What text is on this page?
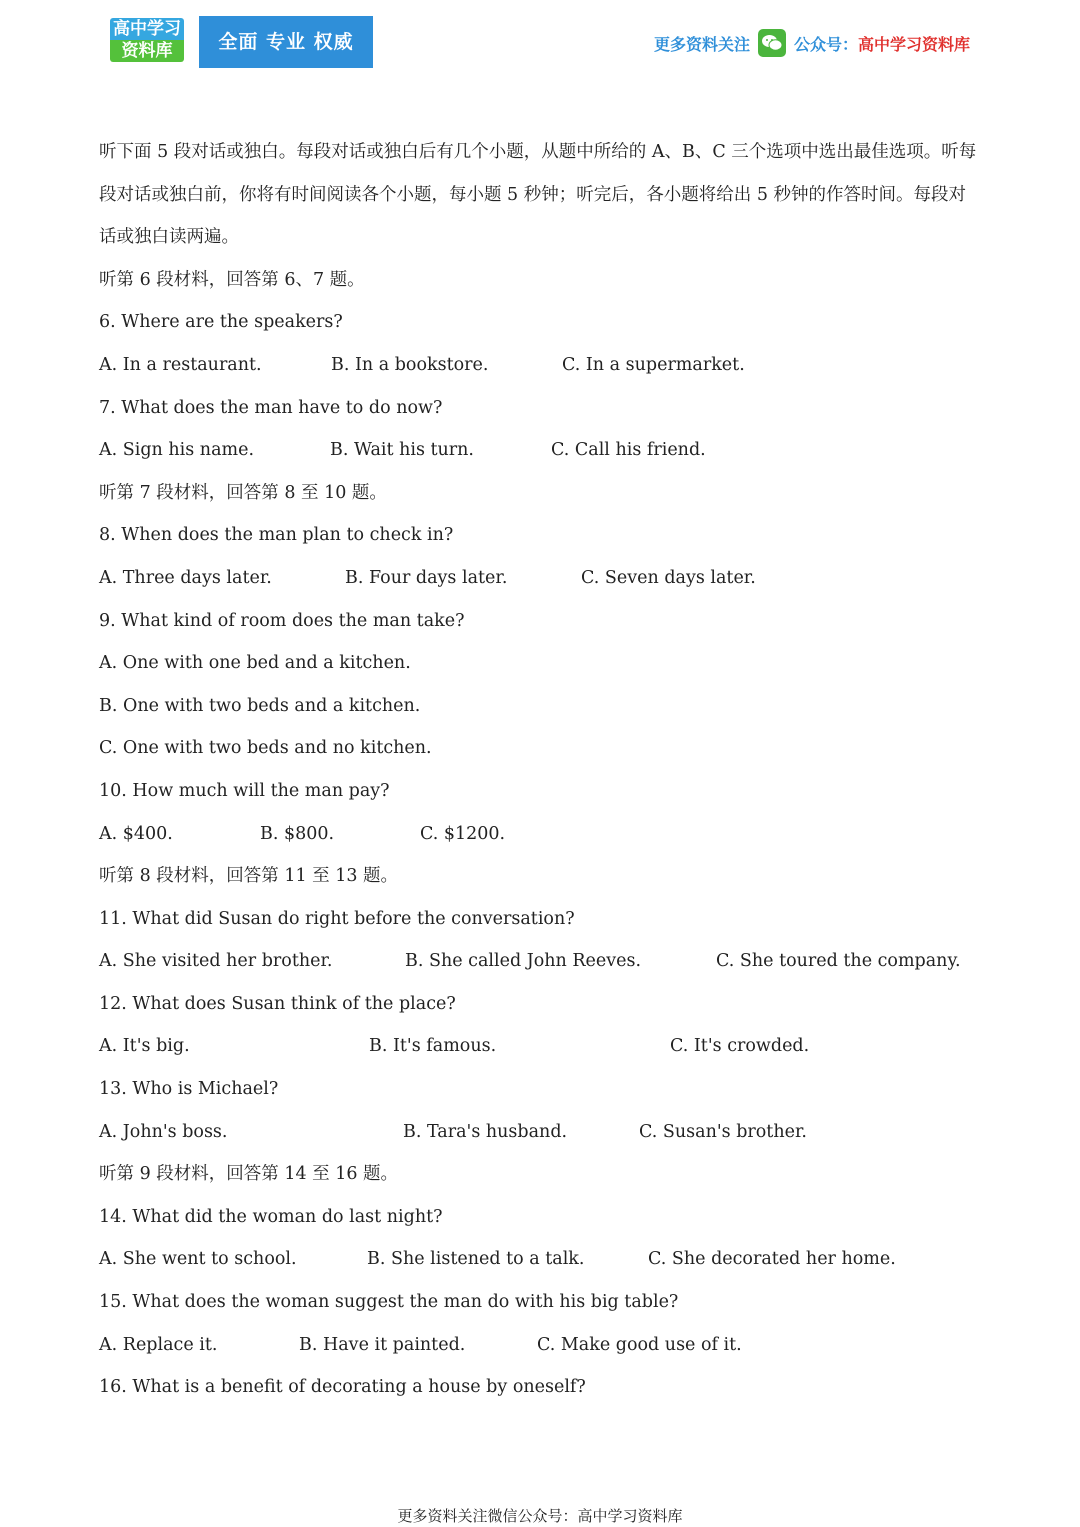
高中学习
资料库	全面 专业 权威	更多资料关注	公众号：高中学习资料库

听下面 5 段对话或独白。每段对话或独白后有几个小题，从题中所给的 A、B、C 三个选项中选出最佳选项。听每段对话或独白前，你将有时间阅读各个小题，每小题 5 秒钟；听完后，各小题将给出 5 秒钟的作答时间。每段对话或独白读两遍。

听第 6 段材料，回答第 6、7 题。
6. Where are the speakers?
A. In a restaurant.	B. In a bookstore.	C. In a supermarket.
7. What does the man have to do now?
A. Sign his name.	B. Wait his turn.	C. Call his friend.
听第 7 段材料，回答第 8 至 10 题。
8. When does the man plan to check in?
A. Three days later.	B. Four days later.	C. Seven days later.
9. What kind of room does the man take?
A. One with one bed and a kitchen.
B. One with two beds and a kitchen.
C. One with two beds and no kitchen.
10. How much will the man pay?
A. $400.	B. $800.	C. $1200.
听第 8 段材料，回答第 11 至 13 题。
11. What did Susan do right before the conversation?
A. She visited her brother.	B. She called John Reeves.	C. She toured the company.
12. What does Susan think of the place?
A. It's big.	B. It's famous.	C. It's crowded.
13. Who is Michael?
A. John's boss.	B. Tara's husband.	C. Susan's brother.
听第 9 段材料，回答第 14 至 16 题。
14. What did the woman do last night?
A. She went to school.	B. She listened to a talk.	C. She decorated her home.
15. What does the woman suggest the man do with his big table?
A. Replace it.	B. Have it painted.	C. Make good use of it.
16. What is a benefit of decorating a house by oneself?
更多资料关注微信公众号：高中学习资料库
